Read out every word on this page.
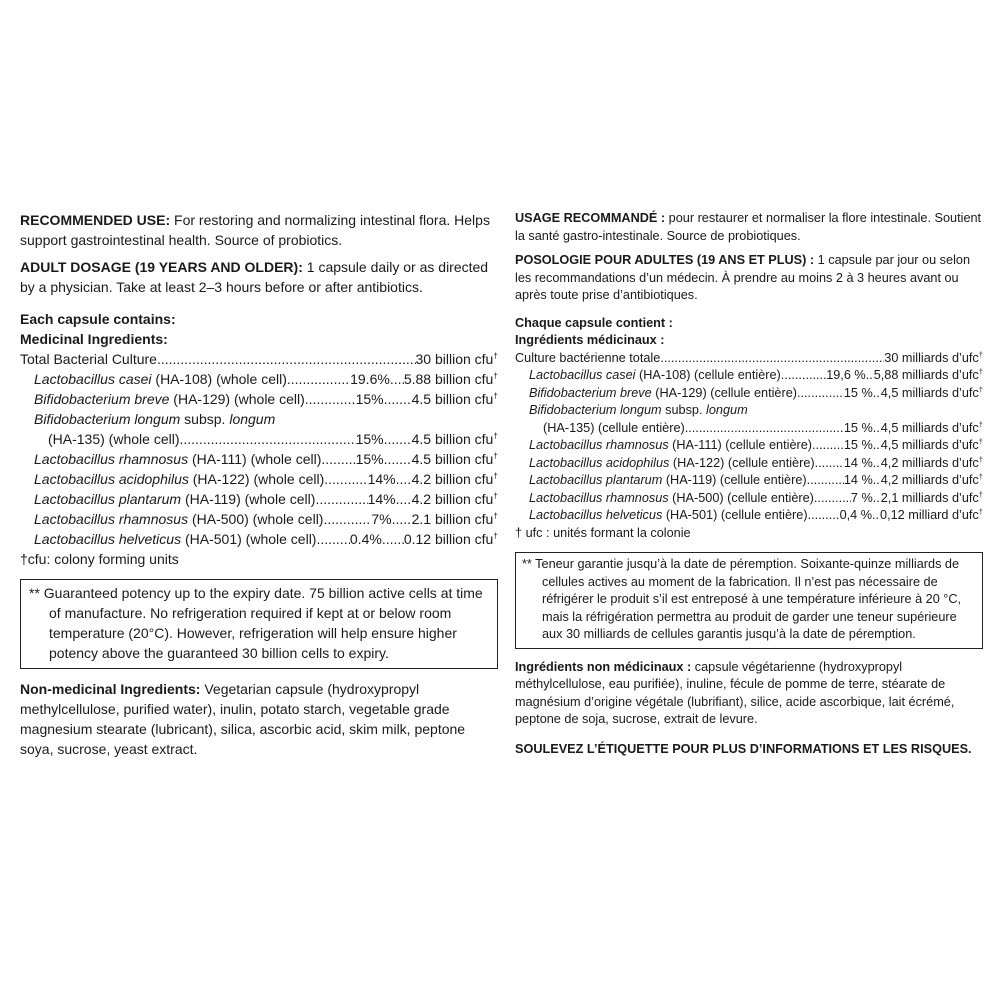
RECOMMENDED USE: For restoring and normalizing intestinal flora. Helps support gastrointestinal health. Source of probiotics.

ADULT DOSAGE (19 YEARS AND OLDER): 1 capsule daily or as directed by a physician. Take at least 2–3 hours before or after antibiotics.

Each capsule contains:

Medicinal Ingredients:

Total Bacterial Culture .....	30 billion cfu†
Lactobacillus casei (HA-108) (whole cell) .....	19.6% ..... 5.88 billion cfu†
Bifidobacterium breve (HA-129) (whole cell) .....	15% ..... 4.5 billion cfu†
Bifidobacterium longum subsp. longum
(HA-135) (whole cell) .....	15% ..... 4.5 billion cfu†
Lactobacillus rhamnosus (HA-111) (whole cell) ..... 15% ..... 4.5 billion cfu†
Lactobacillus acidophilus (HA-122) (whole cell) .....	14% ..... 4.2 billion cfu†
Lactobacillus plantarum (HA-119) (whole cell) .....	14% ..... 4.2 billion cfu†
Lactobacillus rhamnosus (HA-500) (whole cell) .....	7% ..... 2.1 billion cfu†
Lactobacillus helveticus (HA-501) (whole cell) ..... 0.4% ..... 0.12 billion cfu†

†cfu: colony forming units

** Guaranteed potency up to the expiry date. 75 billion active cells at time of manufacture. No refrigeration required if kept at or below room temperature (20°C). However, refrigeration will help ensure higher potency above the guaranteed 30 billion cells to expiry.

Non-medicinal Ingredients: Vegetarian capsule (hydroxypropyl methylcellulose, purified water), inulin, potato starch, vegetable grade magnesium stearate (lubricant), silica, ascorbic acid, skim milk, peptone soya, sucrose, yeast extract.

USAGE RECOMMANDÉ : pour restaurer et normaliser la flore intestinale. Soutient la santé gastro-intestinale. Source de probiotiques.

POSOLOGIE POUR ADULTES (19 ANS ET PLUS) : 1 capsule par jour ou selon les recommandations d’un médecin. À prendre au moins 2 à 3 heures avant ou après toute prise d’antibiotiques.

Chaque capsule contient :

Ingrédients médicinaux :

Culture bactérienne totale .....	30 milliards d’ufc†
Lactobacillus casei (HA-108) (cellule entière) .....	19,6 % ..... 5,88 milliards d’ufc†
Bifidobacterium breve (HA-129) (cellule entière) .....	15 % ..... 4,5 milliards d’ufc†
Bifidobacterium longum subsp. longum
(HA-135) (cellule entière) .....	15 % ..... 4,5 milliards d’ufc†
Lactobacillus rhamnosus (HA-111) (cellule entière) .....	15 % ..... 4,5 milliards d’ufc†
Lactobacillus acidophilus (HA-122) (cellule entière) ..... 14 % ..... 4,2 milliards d’ufc†
Lactobacillus plantarum (HA-119) (cellule entière) .....	14 % ..... 4,2 milliards d’ufc†
Lactobacillus rhamnosus (HA-500) (cellule entière) .....	7 % ..... 2,1 milliards d’ufc†
Lactobacillus helveticus (HA-501) (cellule entière) .....	0,4 % ..... 0,12 milliard d’ufc†

† ufc : unités formant la colonie

** Teneur garantie jusqu’à la date de péremption. Soixante-quinze milliards de cellules actives au moment de la fabrication. Il n’est pas nécessaire de réfrigérer le produit s’il est entreposé à une température inférieure à 20 °C, mais la réfrigération permettra au produit de garder une teneur supérieure aux 30 milliards de cellules garantis jusqu’à la date de péremption.

Ingrédients non médicinaux : capsule végétarienne (hydroxypropyl méthylcellulose, eau purifiée), inuline, fécule de pomme de terre, stéarate de magnésium d’origine végétale (lubrifiant), silice, acide ascorbique, lait écrémé, peptone de soja, sucrose, extrait de levure.

SOULEVEZ L’ÉTIQUETTE POUR PLUS D’INFORMATIONS ET LES RISQUES.
